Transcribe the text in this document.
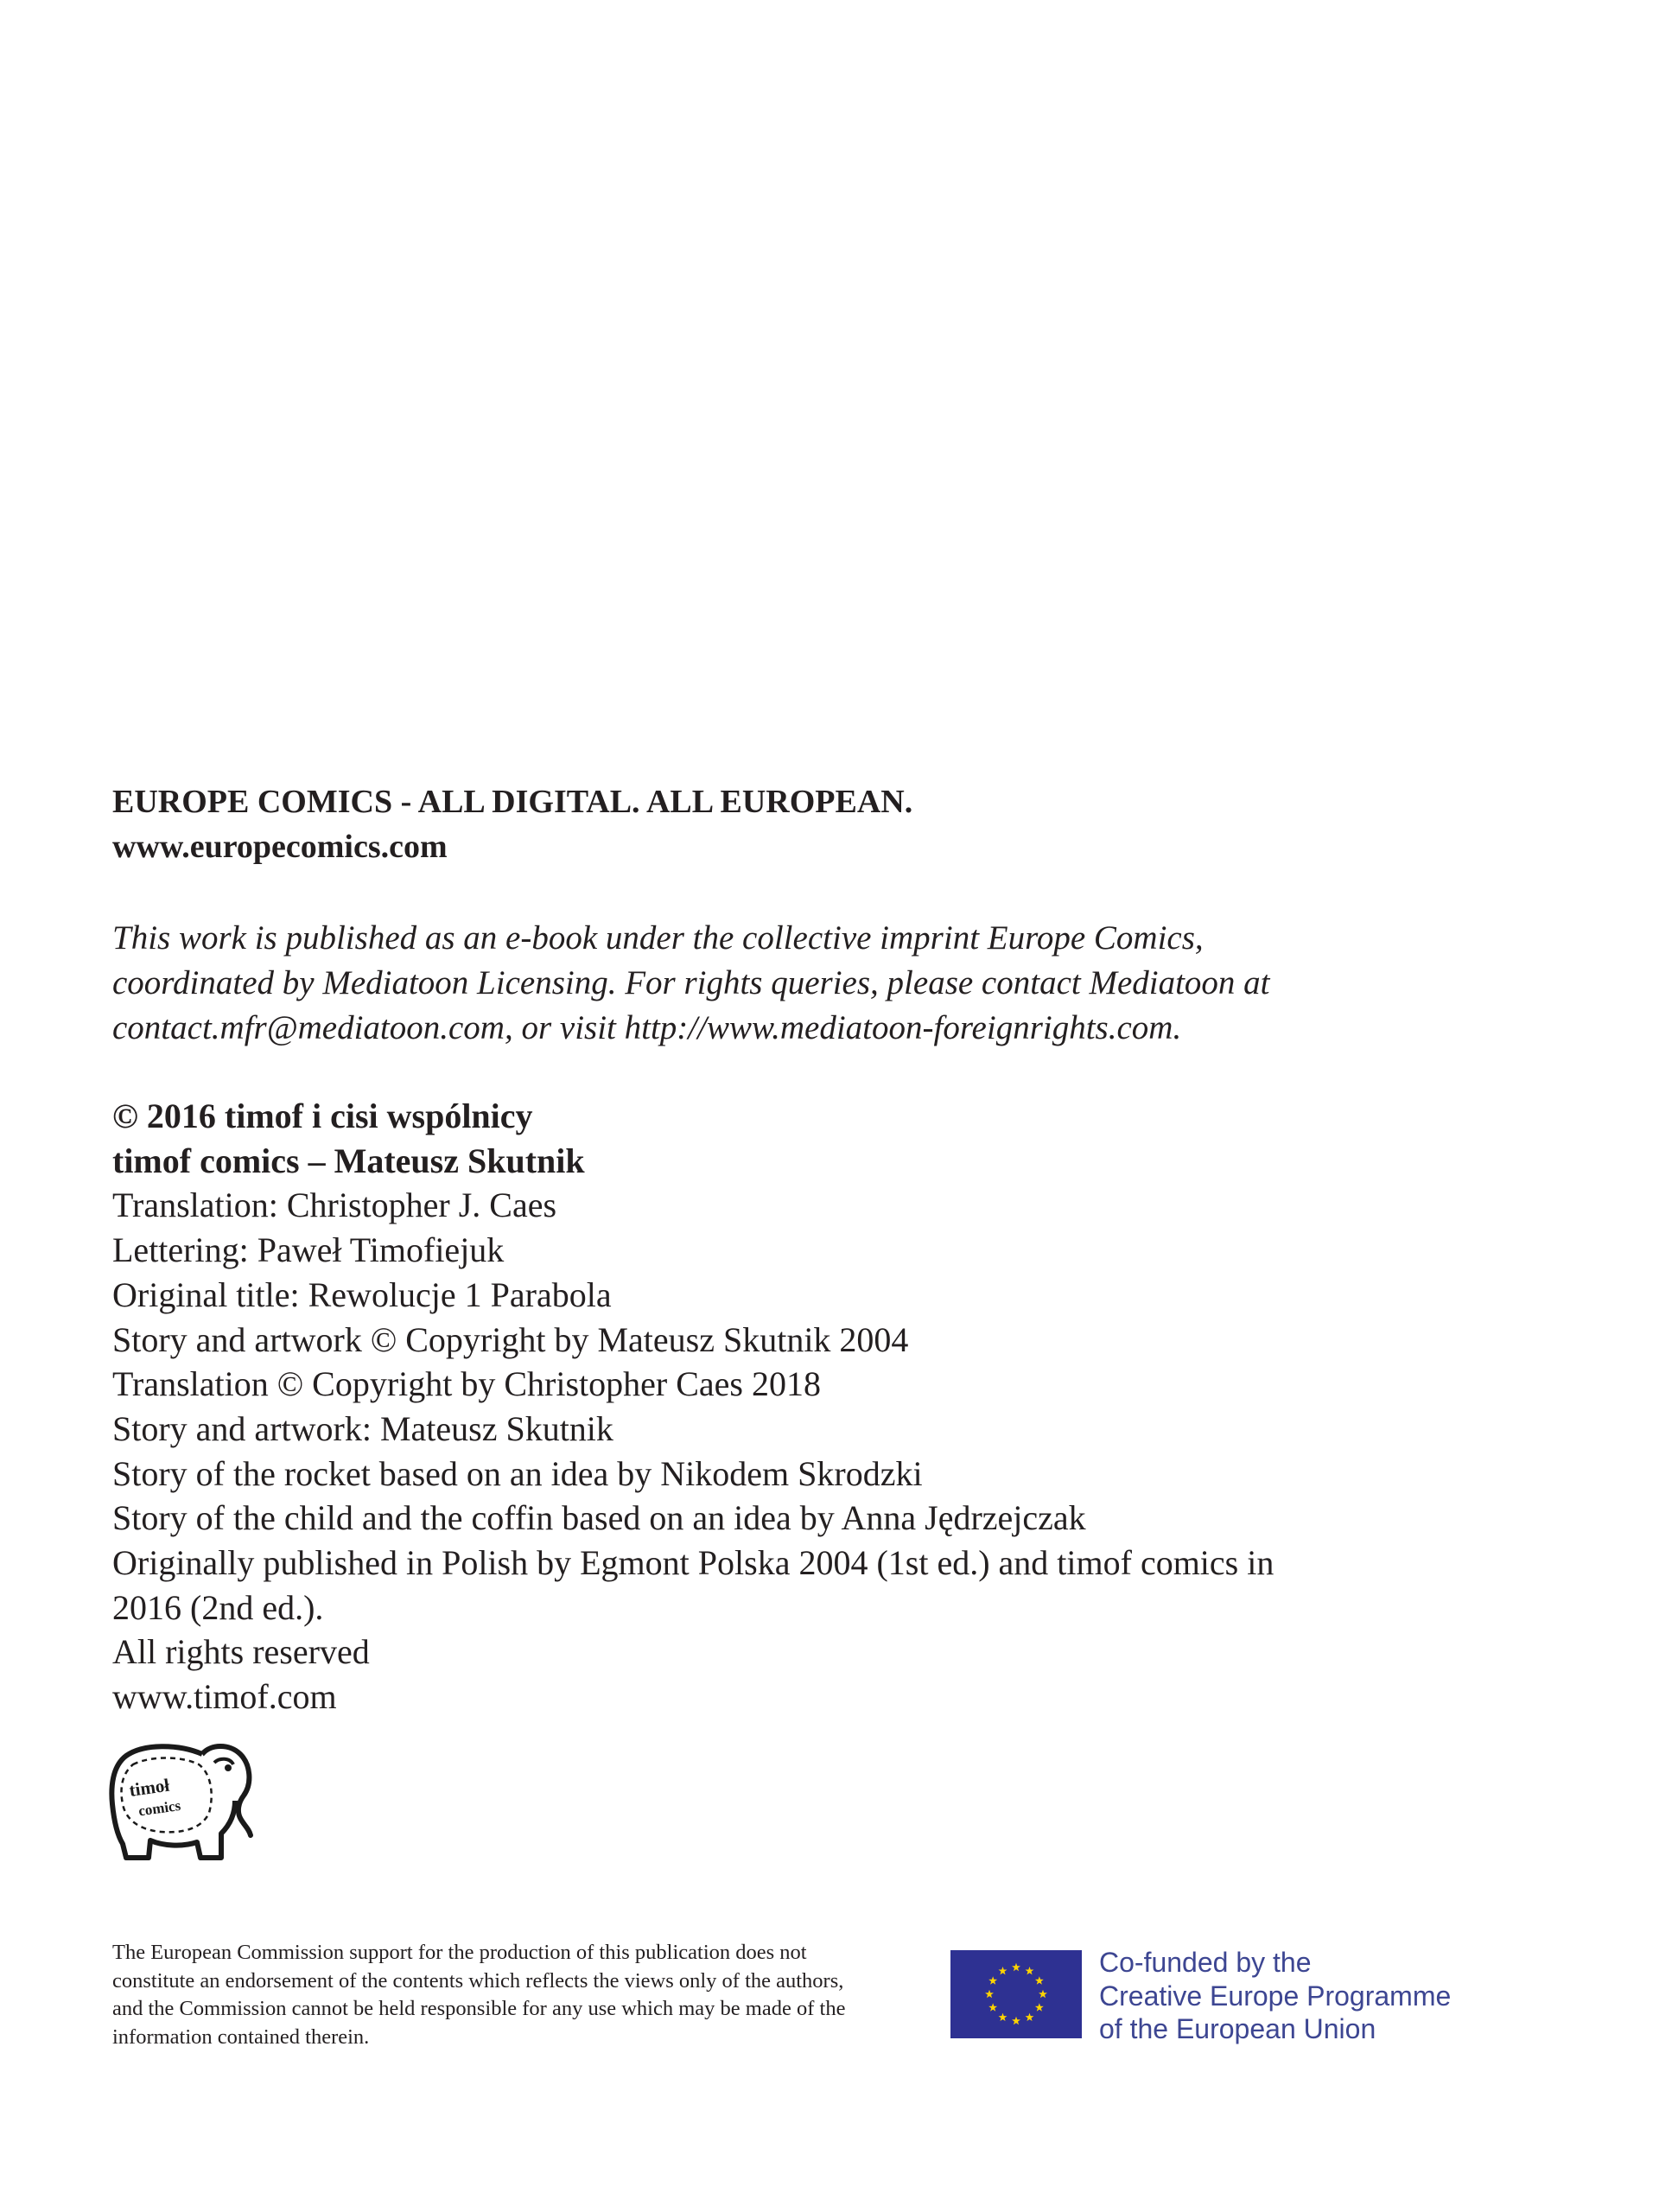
EUROPE COMICS - ALL DIGITAL. ALL EUROPEAN.
www.europecomics.com
This work is published as an e-book under the collective imprint Europe Comics,
coordinated by Mediatoon Licensing. For rights queries, please contact Mediatoon at
contact.mfr@mediatoon.com, or visit http://www.mediatoon-foreignrights.com.
© 2016 timof i cisi wspólnicy
timof comics – Mateusz Skutnik
Translation: Christopher J. Caes
Lettering: Paweł Timofiejuk
Original title: Rewolucje 1 Parabola
Story and artwork © Copyright by Mateusz Skutnik 2004
Translation © Copyright by Christopher Caes 2018
Story and artwork: Mateusz Skutnik
Story of the rocket based on an idea by Nikodem Skrodzki
Story of the child and the coffin based on an idea by Anna Jędrzejczak
Originally published in Polish by Egmont Polska 2004 (1st ed.) and timof comics in
2016 (2nd ed.).
All rights reserved
www.timof.com
timoł
comics
The European Commission support for the production of this publication does not
constitute an endorsement of the contents which reflects the views only of the authors,
and the Commission cannot be held responsible for any use which may be made of the
information contained therein.
Co-funded by the
Creative Europe Programme
of the European Union
